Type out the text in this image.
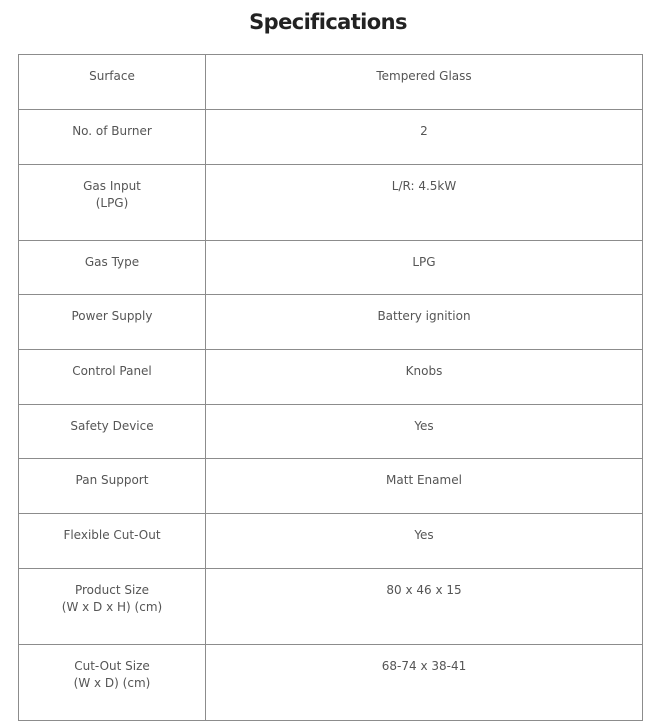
Specifications
Surface	Tempered Glass
No. of Burner	2
Gas Input
(LPG)	L/R: 4.5kW
Gas Type	LPG
Power Supply	Battery ignition
Control Panel	Knobs
Safety Device	Yes
Pan Support	Matt Enamel
Flexible Cut-Out	Yes
Product Size
(W x D x H) (cm)	80 x 46 x 15
Cut-Out Size
(W x D) (cm)	68-74 x 38-41
